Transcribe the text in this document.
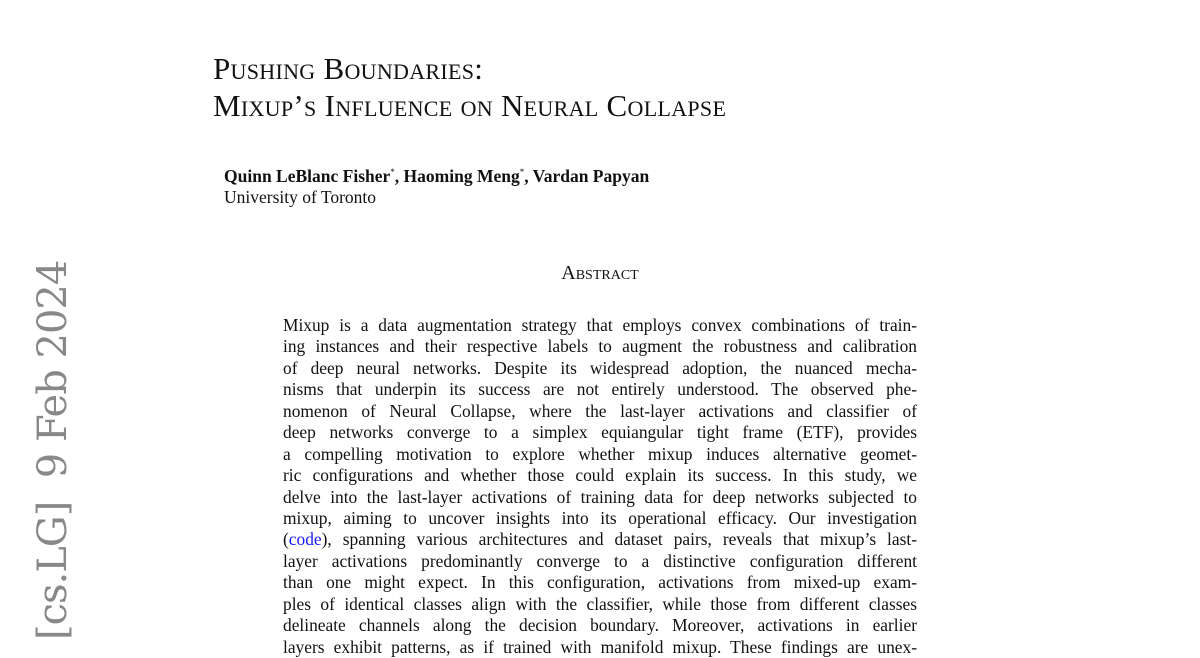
[cs.LG]  9 Feb 2024
Pushing Boundaries:
Mixup’s Influence on Neural Collapse
Quinn LeBlanc Fisher*, Haoming Meng*, Vardan Papyan
University of Toronto
Abstract
Mixup is a data augmentation strategy that employs convex combinations of train-
ing instances and their respective labels to augment the robustness and calibration
of deep neural networks. Despite its widespread adoption, the nuanced mecha-
nisms that underpin its success are not entirely understood. The observed phe-
nomenon of Neural Collapse, where the last-layer activations and classifier of
deep networks converge to a simplex equiangular tight frame (ETF), provides
a compelling motivation to explore whether mixup induces alternative geomet-
ric configurations and whether those could explain its success. In this study, we
delve into the last-layer activations of training data for deep networks subjected to
mixup, aiming to uncover insights into its operational efficacy. Our investigation
(code), spanning various architectures and dataset pairs, reveals that mixup’s last-
layer activations predominantly converge to a distinctive configuration different
than one might expect. In this configuration, activations from mixed-up exam-
ples of identical classes align with the classifier, while those from different classes
delineate channels along the decision boundary. Moreover, activations in earlier
layers exhibit patterns, as if trained with manifold mixup. These findings are unex-
